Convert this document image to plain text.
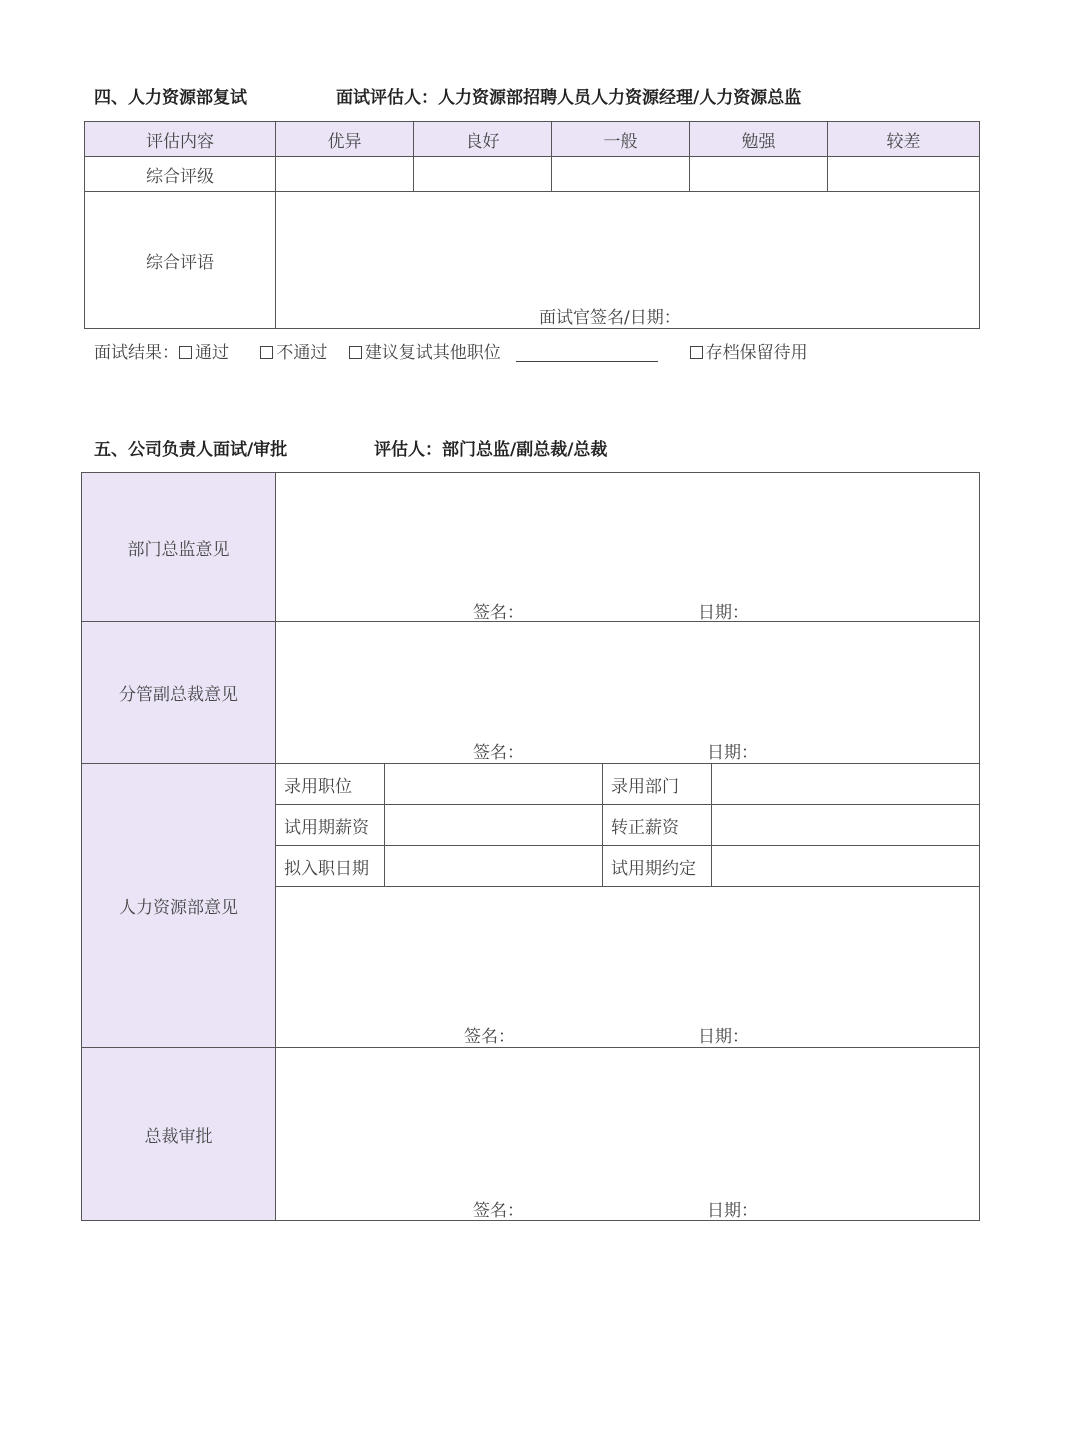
四、人力资源部复试	面试评估人：人力资源部招聘人员人力资源经理/人力资源总监
评估内容	优异	良好	一般	勉强	较差
综合评级					
综合评语	面试官签名/日期：				
面试结果： 通过	不通过 建议复试其他职位	存档保留待用
五、公司负责人面试/审批	评估人：部门总监/副总裁/总裁
部门总监意见	签名： 日期：			

分管副总裁意见	签名： 日期：			

人力资源部意见	录用职位		录用部门	
	试用期薪资		转正薪资	
	拟入职日期		试用期约定	

	签名： 日期：			

总裁审批	签名： 日期：			
